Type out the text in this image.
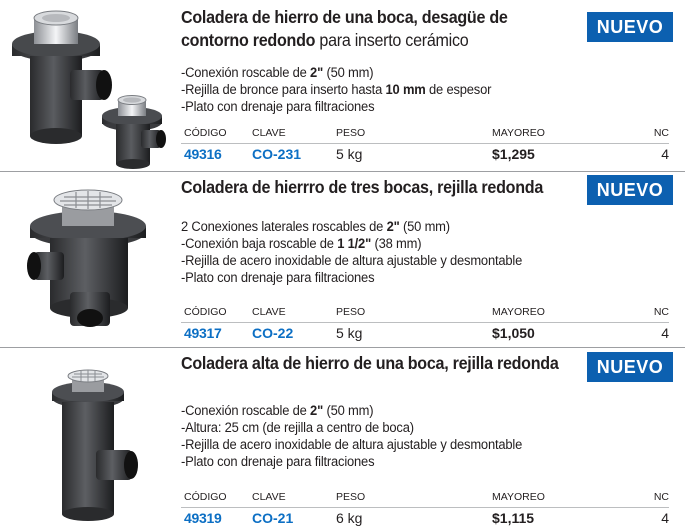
Coladera de hierro de una boca, desagüe de
contorno redondo para inserto cerámico
NUEVO
-Conexión roscable de 2" (50 mm)
-Rejilla de bronce para inserto hasta 10 mm de espesor
-Plato con drenaje para filtraciones
CÓDIGO CLAVE	PESO	MAYOREO	NC
49316 CO-231 5 kg	$1,295	4
Coladera de hierrro de tres bocas, rejilla redonda	NUEVO
2 Conexiones laterales roscables de 2" (50 mm)
-Conexión baja roscable de 1 1/2" (38 mm)
-Rejilla de acero inoxidable de altura ajustable y desmontable
-Plato con drenaje para filtraciones
CÓDIGO CLAVE	PESO	MAYOREO	NC
49317 CO-22	5 kg	$1,050	4
Coladera alta de hierro de una boca, rejilla redonda	NUEVO
-Conexión roscable de 2" (50 mm)
-Altura: 25 cm (de rejilla a centro de boca)
-Rejilla de acero inoxidable de altura ajustable y desmontable
-Plato con drenaje para filtraciones
CÓDIGO CLAVE	PESO	MAYOREO	NC
49319 CO-21	6 kg	$1,115	4
